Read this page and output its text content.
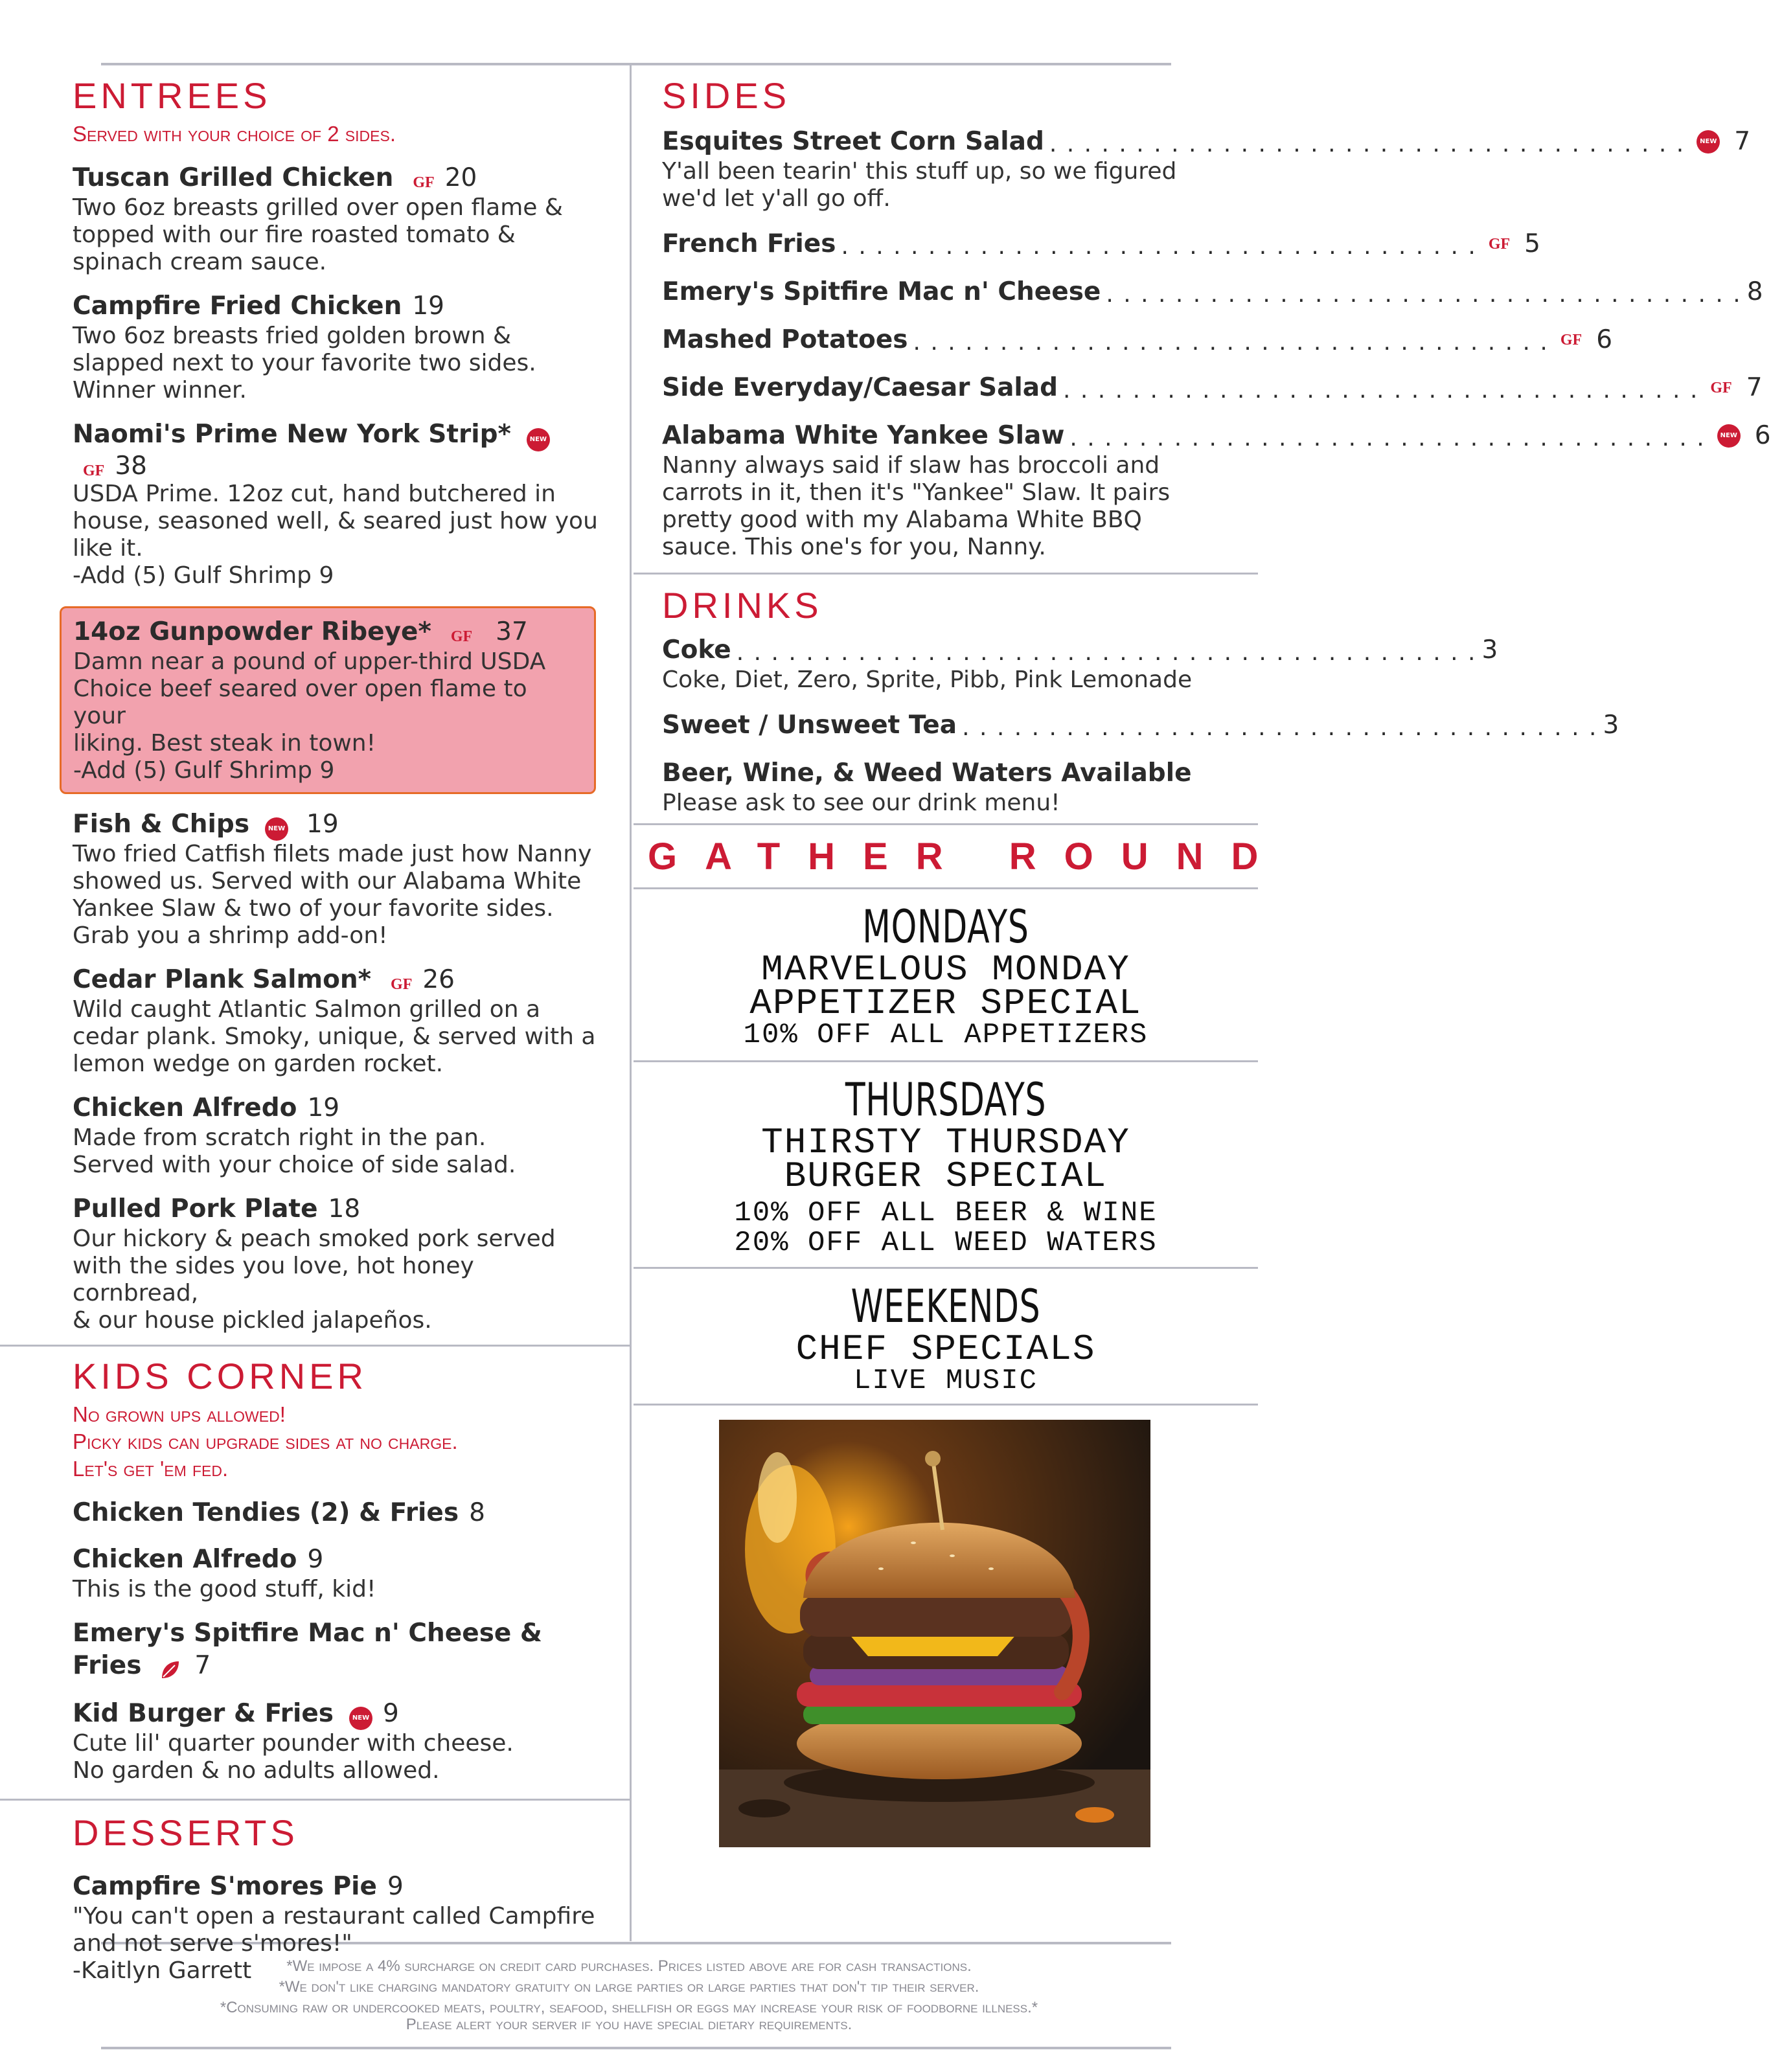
ENTREES
Served with your choice of 2 sides.
Tuscan Grilled Chicken GF 20
Two 6oz breasts grilled over open flame &
topped with our fire roasted tomato &
spinach cream sauce.
Campfire Fried Chicken 19
Two 6oz breasts fried golden brown &
slapped next to your favorite two sides.
Winner winner.
Naomi's Prime New York Strip*	NEWGF 38
USDA Prime. 12oz cut, hand butchered in
house, seasoned well, & seared just how you
like it.
-Add (5) Gulf Shrimp 9
14oz Gunpowder Ribeye* GF 37
Damn near a pound of upper-third USDA
Choice beef seared over open flame to your
liking. Best steak in town!
-Add (5) Gulf Shrimp 9
Fish & Chips	NEW 19
Two fried Catfish filets made just how Nanny
showed us. Served with our Alabama White
Yankee Slaw & two of your favorite sides.
Grab you a shrimp add-on!
Cedar Plank Salmon* GF 26
Wild caught Atlantic Salmon grilled on a
cedar plank. Smoky, unique, & served with a
lemon wedge on garden rocket.
Chicken Alfredo 19
Made from scratch right in the pan.
Served with your choice of side salad.
Pulled Pork Plate 18
Our hickory & peach smoked pork served
with the sides you love, hot honey cornbread,
& our house pickled jalapeños.
KIDS CORNER
No grown ups allowed!
Picky kids can upgrade sides at no charge.
Let's get 'em fed.
Chicken Tendies (2) & Fries 8
Chicken Alfredo 9
This is the good stuff, kid!
Emery's Spitfire Mac n' Cheese & Fries 7
Kid Burger & Fries	NEW 9
Cute lil' quarter pounder with cheese.
No garden & no adults allowed.
DESSERTS
Campfire S'mores Pie 9
"You can't open a restaurant called Campfire
and not serve s'mores!"
-Kaitlyn Garrett
SIDES
Esquites Street Corn Salad . . . . . . . . . . . . . . . . . . . . . . . . . . . . . . . . . . . . .	NEW 7
Y'all been tearin' this stuff up, so we figured
we'd let y'all go off.
French Fries . . . . . . . . . . . . . . . . . . . . . . . . . . . . . . . . . . . . . GF 5
Emery's Spitfire Mac n' Cheese . . . . . . . . . . . . . . . . . . . . . . . . . . . . . . . . . . . . . 8
Mashed Potatoes . . . . . . . . . . . . . . . . . . . . . . . . . . . . . . . . . . . . . GF 6
Side Everyday/Caesar Salad . . . . . . . . . . . . . . . . . . . . . . . . . . . . . . . . . . . . . GF 7
Alabama White Yankee Slaw . . . . . . . . . . . . . . . . . . . . . . . . . . . . . . . . . . . . .	NEW 6
Nanny always said if slaw has broccoli and
carrots in it, then it's "Yankee" Slaw. It pairs
pretty good with my Alabama White BBQ
sauce. This one's for you, Nanny.
DRINKS
Coke . . . . . . . . . . . . . . . . . . . . . . . . . . . . . . . . . . . . . . . . . . . 3
Coke, Diet, Zero, Sprite, Pibb, Pink Lemonade
Sweet / Unsweet Tea . . . . . . . . . . . . . . . . . . . . . . . . . . . . . . . . . . . . . 3
Beer, Wine, & Weed Waters Available
Please ask to see our drink menu!
GATHER ROUND
MONDAYS
MARVELOUS MONDAY
APPETIZER SPECIAL
10% OFF ALL APPETIZERS
THURSDAYS
THIRSTY THURSDAY
BURGER SPECIAL
10% OFF ALL BEER & WINE
20% OFF ALL WEED WATERS
WEEKENDS
CHEF SPECIALS
LIVE MUSIC
*We impose a 4% surcharge on credit card purchases. Prices listed above are for cash transactions.
*We don't like charging mandatory gratuity on large parties or large parties that don't tip their server.
*Consuming raw or undercooked meats, poultry, seafood, shellfish or eggs may increase your risk of foodborne illness.*
Please alert your server if you have special dietary requirements.
